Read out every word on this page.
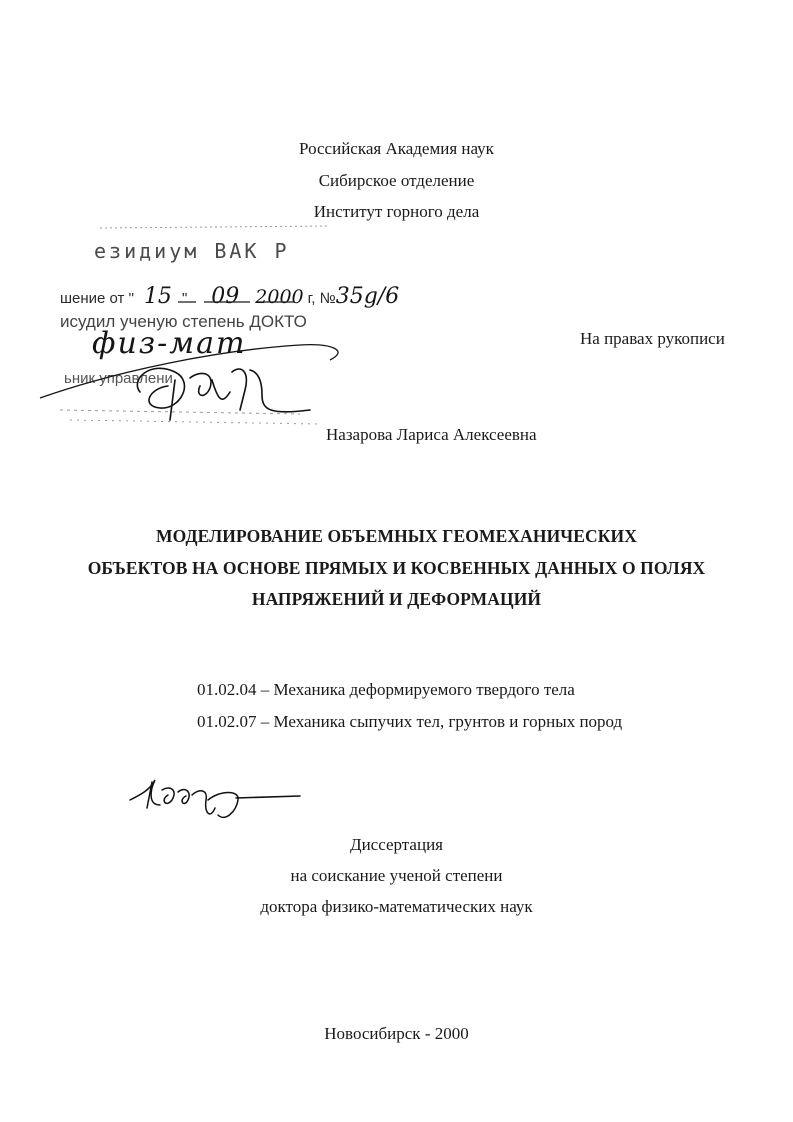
Российская Академия наук
Сибирское отделение
Институт горного дела
езидиум ВАК Р
шение от " 15 " 09 2000 г, №35g/6
исудил ученую степень ДОКТО
физ-мат
ьник управлени
На правах рукописи
Назарова Лариса Алексеевна
МОДЕЛИРОВАНИЕ ОБЪЕМНЫХ ГЕОМЕХАНИЧЕСКИХ
ОБЪЕКТОВ НА ОСНОВЕ ПРЯМЫХ И КОСВЕННЫХ ДАННЫХ О ПОЛЯХ
НАПРЯЖЕНИЙ И ДЕФОРМАЦИЙ
01.02.04 – Механика деформируемого твердого тела
01.02.07 – Механика сыпучих тел, грунтов и горных пород
Диссертация
на соискание ученой степени
доктора физико-математических наук
Новосибирск - 2000
